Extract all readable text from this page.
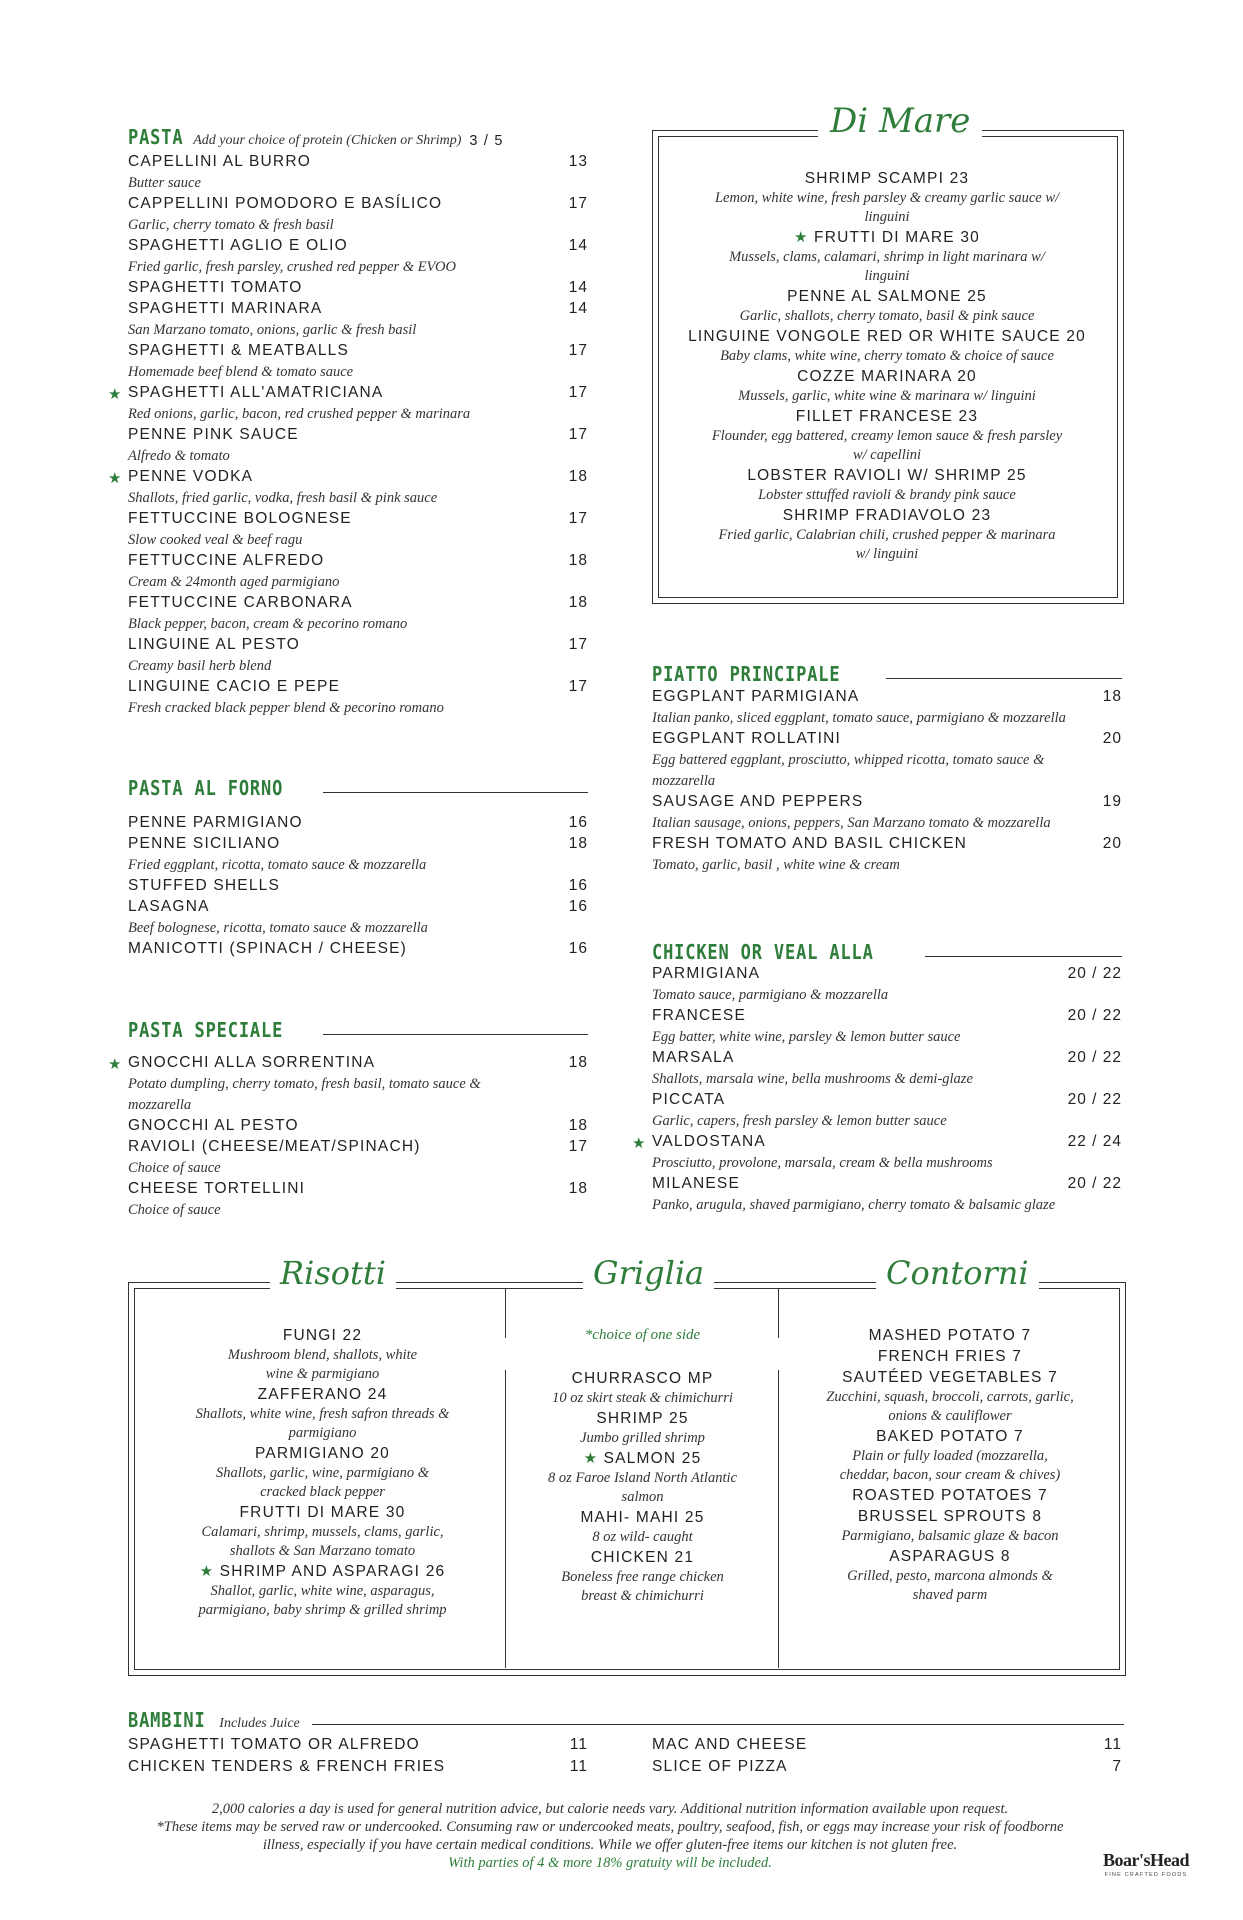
PASTA Add your choice of protein (Chicken or Shrimp) 3 / 5
CAPELLINI AL BURRO	13
Butter sauce
CAPPELLINI POMODORO E BASÍLICO	17
Garlic, cherry tomato & fresh basil
SPAGHETTI AGLIO E OLIO	14
Fried garlic, fresh parsley, crushed red pepper & EVOO
SPAGHETTI TOMATO	14
SPAGHETTI MARINARA	14
San Marzano tomato, onions, garlic & fresh basil
SPAGHETTI & MEATBALLS	17
Homemade beef blend & tomato sauce
★ SPAGHETTI ALL'AMATRICIANA	17
Red onions, garlic, bacon, red crushed pepper & marinara
PENNE PINK SAUCE	17
Alfredo & tomato
★ PENNE VODKA	18
Shallots, fried garlic, vodka, fresh basil & pink sauce
FETTUCCINE BOLOGNESE	17
Slow cooked veal & beef ragu
FETTUCCINE ALFREDO	18
Cream & 24month aged parmigiano
FETTUCCINE CARBONARA	18
Black pepper, bacon, cream & pecorino romano
LINGUINE AL PESTO	17
Creamy basil herb blend
LINGUINE CACIO E PEPE	17
Fresh cracked black pepper blend & pecorino romano
PASTA AL FORNO
PENNE PARMIGIANO	16
PENNE SICILIANO	18
Fried eggplant, ricotta, tomato sauce & mozzarella
STUFFED SHELLS	16
LASAGNA	16
Beef bolognese, ricotta, tomato sauce & mozzarella
MANICOTTI (SPINACH / CHEESE)	16
PASTA SPECIALE
★ GNOCCHI ALLA SORRENTINA	18
Potato dumpling, cherry tomato, fresh basil, tomato sauce &
mozzarella
GNOCCHI AL PESTO	18
RAVIOLI (CHEESE/MEAT/SPINACH)	17
Choice of sauce
CHEESE TORTELLINI	18
Choice of sauce
Di Mare
SHRIMP SCAMPI 23
Lemon, white wine, fresh parsley & creamy garlic sauce w/
linguini
★ FRUTTI DI MARE 30
Mussels, clams, calamari, shrimp in light marinara w/
linguini
PENNE AL SALMONE 25
Garlic, shallots, cherry tomato, basil & pink sauce
LINGUINE VONGOLE RED OR WHITE SAUCE 20
Baby clams, white wine, cherry tomato & choice of sauce
COZZE MARINARA 20
Mussels, garlic, white wine & marinara w/ linguini
FILLET FRANCESE 23
Flounder, egg battered, creamy lemon sauce & fresh parsley
w/ capellini
LOBSTER RAVIOLI W/ SHRIMP 25
Lobster sttuffed ravioli & brandy pink sauce
SHRIMP FRADIAVOLO 23
Fried garlic, Calabrian chili, crushed pepper & marinara
w/ linguini
PIATTO PRINCIPALE
EGGPLANT PARMIGIANA	18
Italian panko, sliced eggplant, tomato sauce, parmigiano & mozzarella
EGGPLANT ROLLATINI	20
Egg battered eggplant, prosciutto, whipped ricotta, tomato sauce &
mozzarella
SAUSAGE AND PEPPERS	19
Italian sausage, onions, peppers, San Marzano tomato & mozzarella
FRESH TOMATO AND BASIL CHICKEN	20
Tomato, garlic, basil , white wine & cream
CHICKEN OR VEAL ALLA
PARMIGIANA	20 / 22
Tomato sauce, parmigiano & mozzarella
FRANCESE	20 / 22
Egg batter, white wine, parsley & lemon butter sauce
MARSALA	20 / 22
Shallots, marsala wine, bella mushrooms & demi-glaze
PICCATA	20 / 22
Garlic, capers, fresh parsley & lemon butter sauce
★ VALDOSTANA	22 / 24
Prosciutto, provolone, marsala, cream & bella mushrooms
MILANESE	20 / 22
Panko, arugula, shaved parmigiano, cherry tomato & balsamic glaze
Risotti	Griglia	Contorni
FUNGI 22
Mushroom blend, shallots, white
wine & parmigiano
ZAFFERANO 24
Shallots, white wine, fresh safron threads &
parmigiano
PARMIGIANO 20
Shallots, garlic, wine, parmigiano &
cracked black pepper
FRUTTI DI MARE 30
Calamari, shrimp, mussels, clams, garlic,
shallots & San Marzano tomato
★ SHRIMP AND ASPARAGI 26
Shallot, garlic, white wine, asparagus,
parmigiano, baby shrimp & grilled shrimp
*choice of one side
CHURRASCO MP
10 oz skirt steak & chimichurri
SHRIMP 25
Jumbo grilled shrimp
★ SALMON 25
8 oz Faroe Island North Atlantic
salmon
MAHI- MAHI 25
8 oz wild- caught
CHICKEN 21
Boneless free range chicken
breast & chimichurri
MASHED POTATO 7
FRENCH FRIES 7
SAUTÉED VEGETABLES 7
Zucchini, squash, broccoli, carrots, garlic,
onions & cauliflower
BAKED POTATO 7
Plain or fully loaded (mozzarella,
cheddar, bacon, sour cream & chives)
ROASTED POTATOES 7
BRUSSEL SPROUTS 8
Parmigiano, balsamic glaze & bacon
ASPARAGUS 8
Grilled, pesto, marcona almonds &
shaved parm
BAMBINI Includes Juice
SPAGHETTI TOMATO OR ALFREDO	11
CHICKEN TENDERS & FRENCH FRIES	11
MAC AND CHEESE	11
SLICE OF PIZZA	7
2,000 calories a day is used for general nutrition advice, but calorie needs vary. Additional nutrition information available upon request.
*These items may be served raw or undercooked. Consuming raw or undercooked meats, poultry, seafood, fish, or eggs may increase your risk of foodborne
illness, especially if you have certain medical conditions. While we offer gluten-free items our kitchen is not gluten free.
With parties of 4 & more 18% gratuity will be included.	Boar'sHead
FINE CRAFTED FOODS
